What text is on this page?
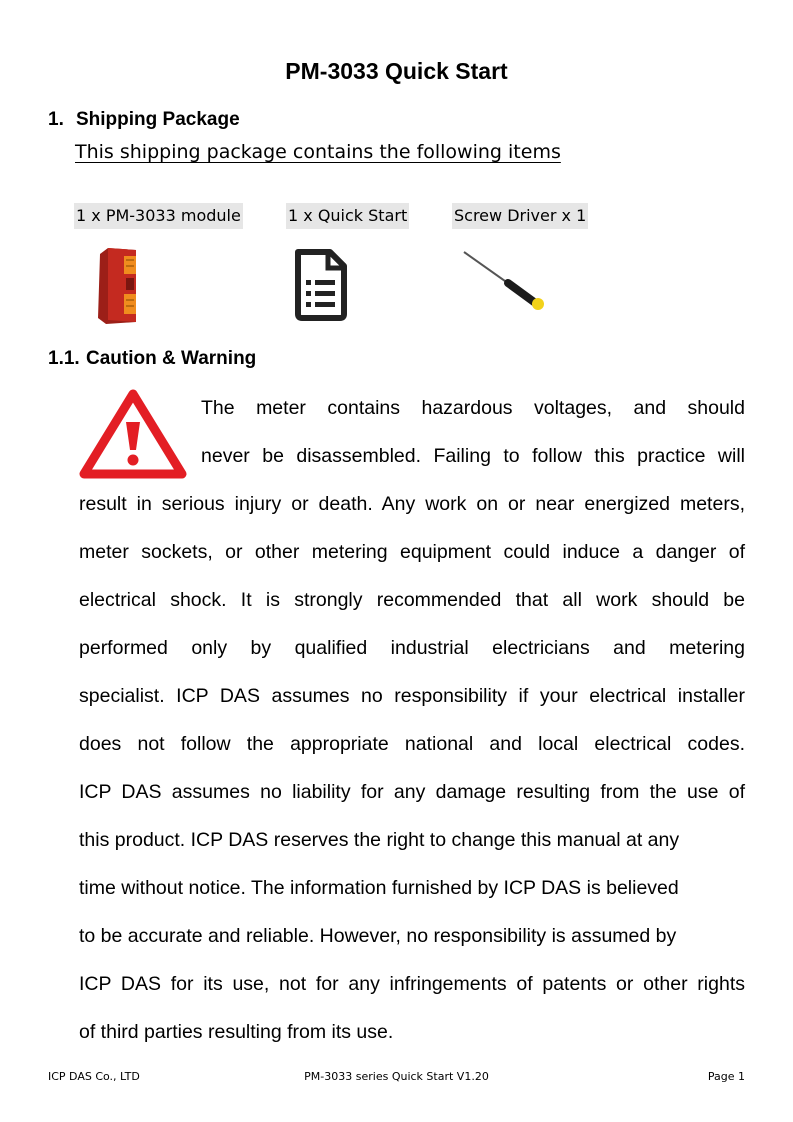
PM-3033 Quick Start
1. Shipping Package
This shipping package contains the following items
1 x PM-3033 module	1 x Quick Start	Screw Driver x 1
1.1. Caution & Warning
The meter contains hazardous voltages, and should
never be disassembled. Failing to follow this practice will
result in serious injury or death. Any work on or near energized meters,
meter sockets, or other metering equipment could induce a danger of
electrical shock. It is strongly recommended that all work should be
performed only by qualified industrial electricians and metering
specialist. ICP DAS assumes no responsibility if your electrical installer
does not follow the appropriate national and local electrical codes.
ICP DAS assumes no liability for any damage resulting from the use of
this product. ICP DAS reserves the right to change this manual at any
time without notice. The information furnished by ICP DAS is believed
to be accurate and reliable. However, no responsibility is assumed by
ICP DAS for its use, not for any infringements of patents or other rights
of third parties resulting from its use.
ICP DAS Co., LTD	PM-3033 series Quick Start V1.20	Page 1
